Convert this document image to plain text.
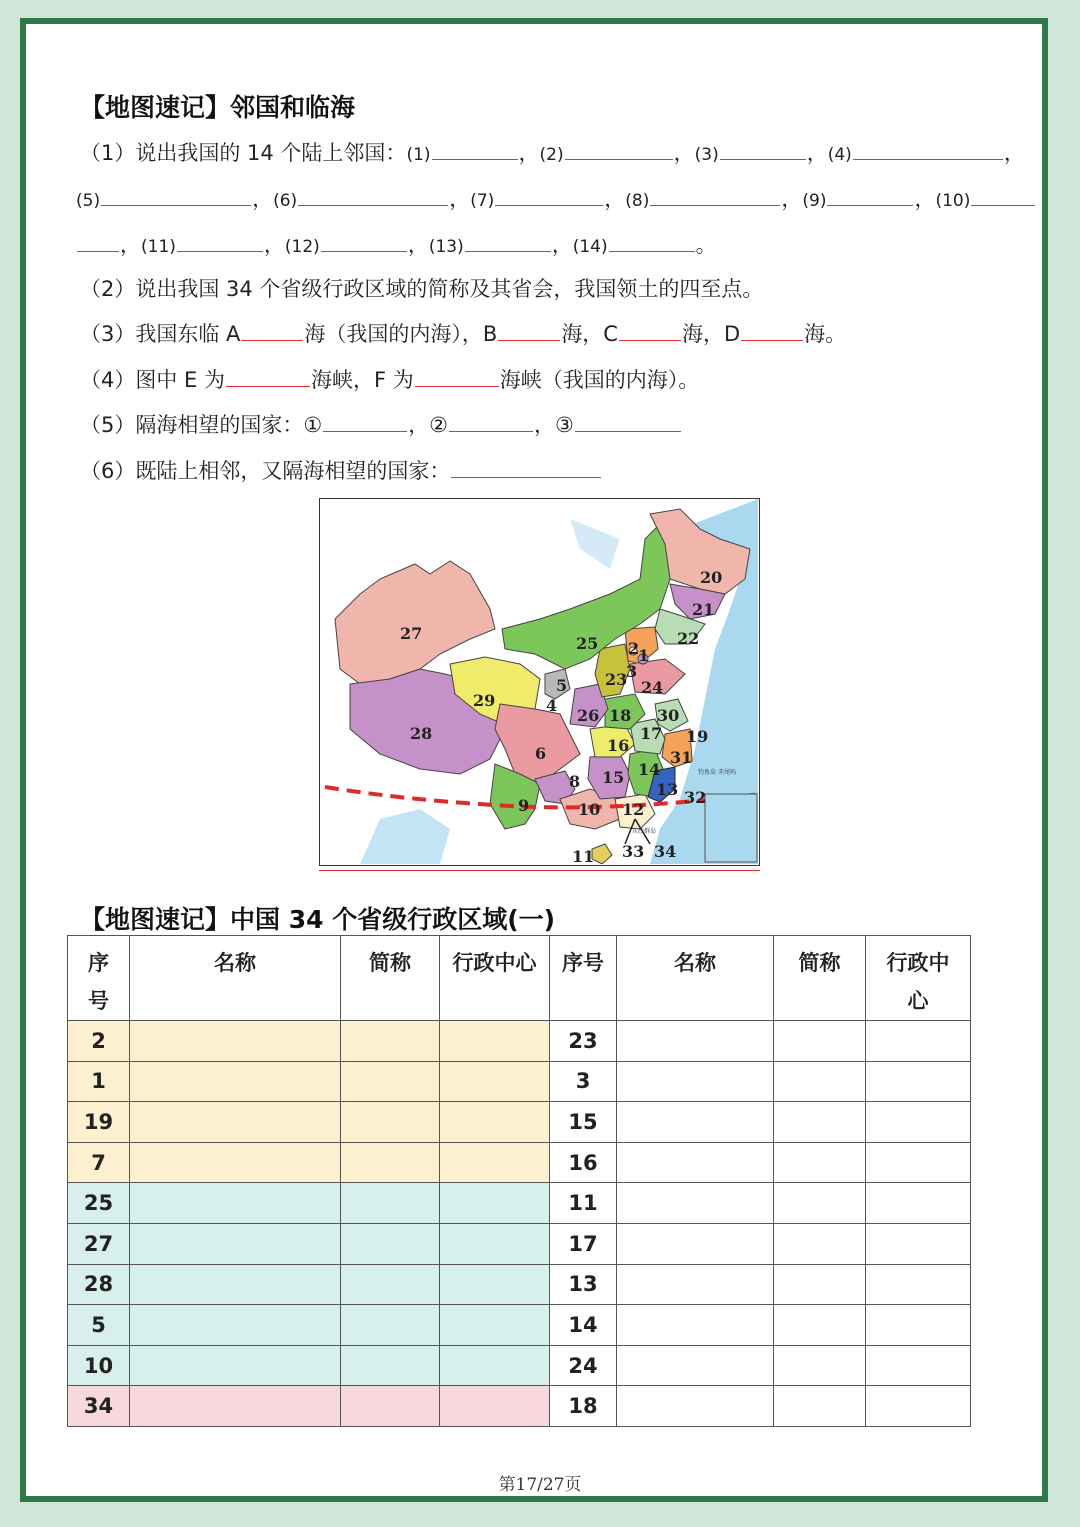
【地图速记】邻国和临海
（1）说出我国的 14 个陆上邻国：(1)	，(2)	，(3)	，(4)	，
(5)	，(6)	，(7)	，(8)	，(9)	，(10)
，(11)	，(12)	，(13)	，(14)	。
（2）说出我国 34 个省级行政区域的简称及其省会，我国领土的四至点。
（3）我国东临 A	海（我国的内海），B	海，C	海，D	海。
（4）图中 E 为	海峡，F 为	海峡（我国的内海）。
（5）隔海相望的国家：①	，②	，③
（6）既陆上相邻，又隔海相望的国家：
1
2
3
4
5
6
8
9	10
11
12
13
14
15
16
17
18
19
20
21
22
23 24
25
26
27
28
29
30
31
32
33 34
钓鱼岛 赤尾屿
东沙群岛
【地图速记】中国 34 个省级行政区域(一)
序号	名称	简称	行政中心	序号	名称	简称	行政中心
2				23			
1				3			
19				15			
7				16			
25				11			
27				17			
28				13			
5				14			
10				24			
34				18			
第17/27页
